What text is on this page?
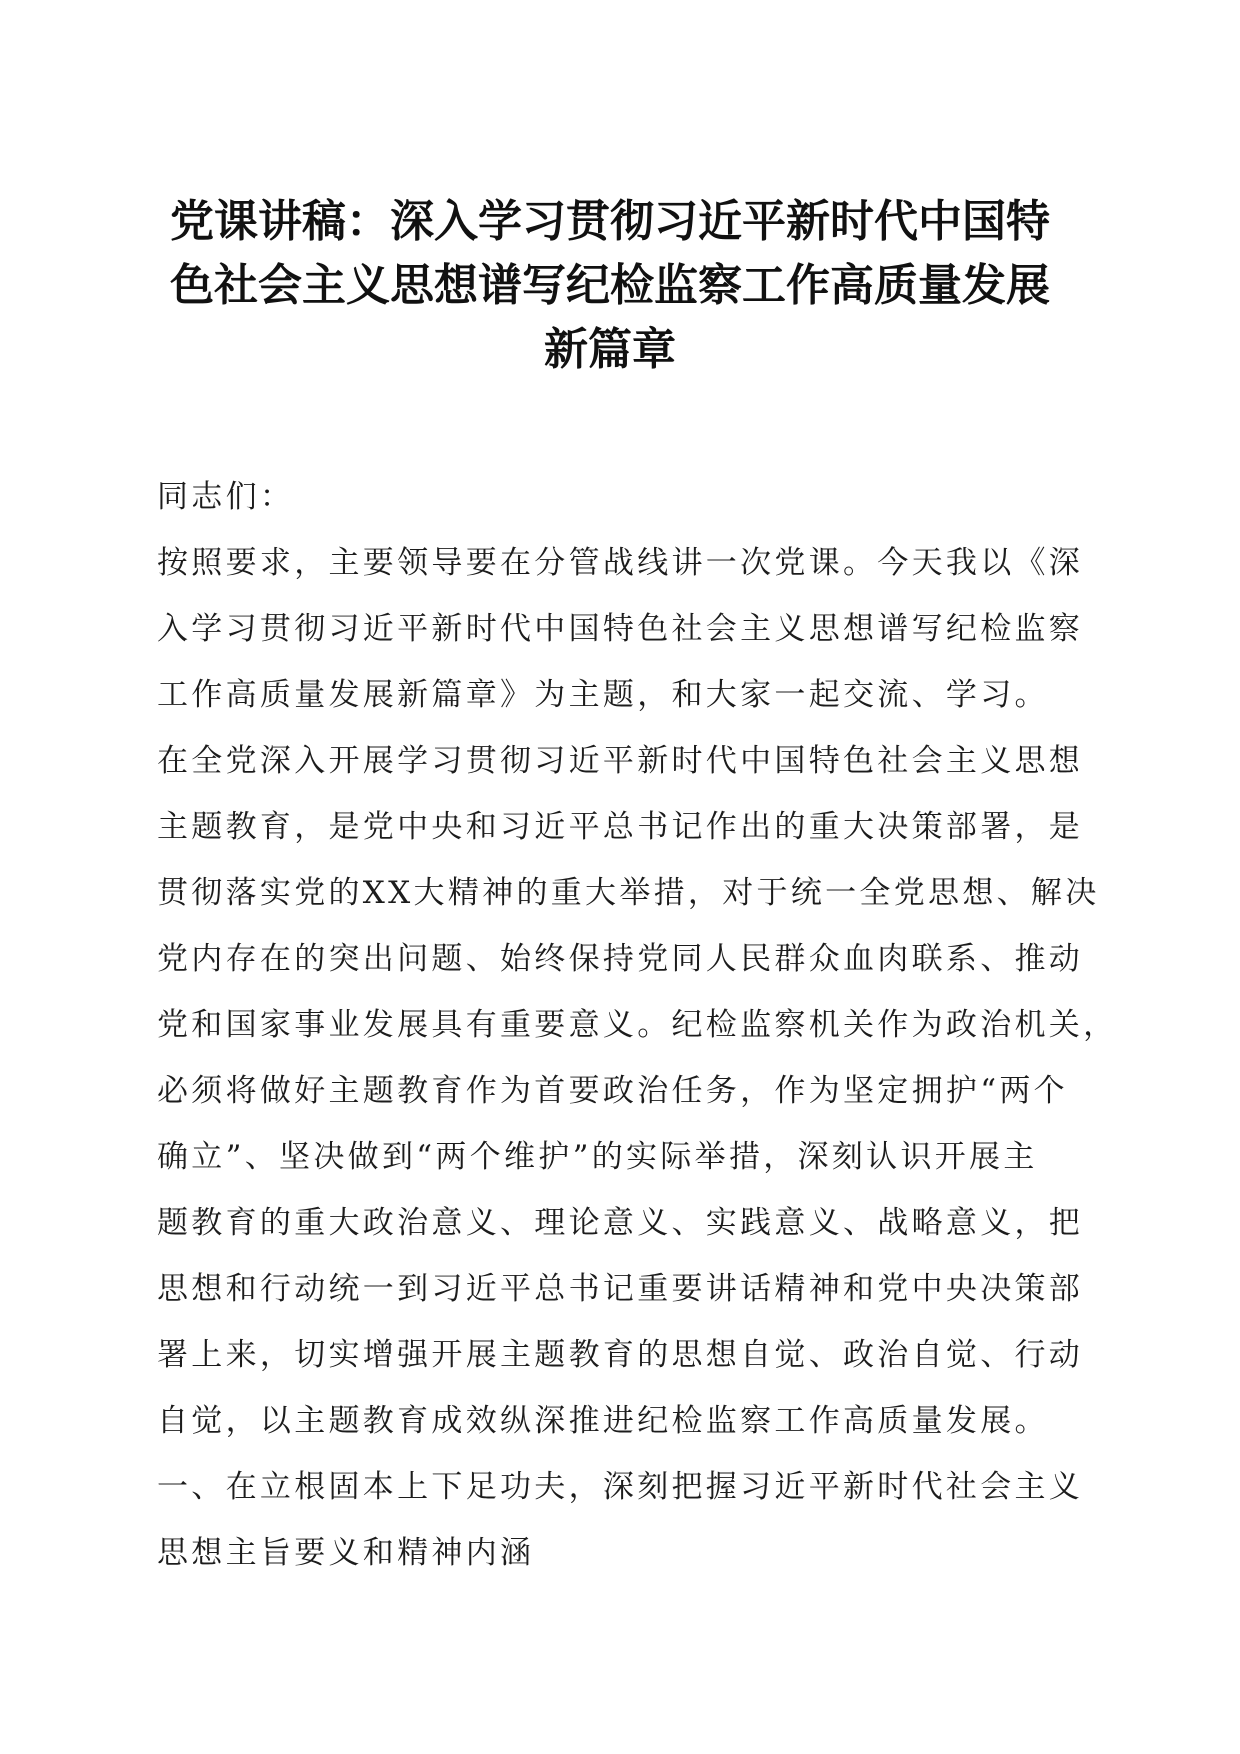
党课讲稿：深入学习贯彻习近平新时代中国特
色社会主义思想谱写纪检监察工作高质量发展
新篇章

同志们：

按照要求，主要领导要在分管战线讲一次党课。今天我以《深
入学习贯彻习近平新时代中国特色社会主义思想谱写纪检监察
工作高质量发展新篇章》为主题，和大家一起交流、学习。

在全党深入开展学习贯彻习近平新时代中国特色社会主义思想
主题教育，是党中央和习近平总书记作出的重大决策部署，是
贯彻落实党的XX大精神的重大举措，对于统一全党思想、解决
党内存在的突出问题、始终保持党同人民群众血肉联系、推动
党和国家事业发展具有重要意义。纪检监察机关作为政治机关，
必须将做好主题教育作为首要政治任务，作为坚定拥护“两个
确立”、坚决做到“两个维护”的实际举措，深刻认识开展主
题教育的重大政治意义、理论意义、实践意义、战略意义，把
思想和行动统一到习近平总书记重要讲话精神和党中央决策部
署上来，切实增强开展主题教育的思想自觉、政治自觉、行动
自觉，以主题教育成效纵深推进纪检监察工作高质量发展。

一、在立根固本上下足功夫，深刻把握习近平新时代社会主义
思想主旨要义和精神内涵
